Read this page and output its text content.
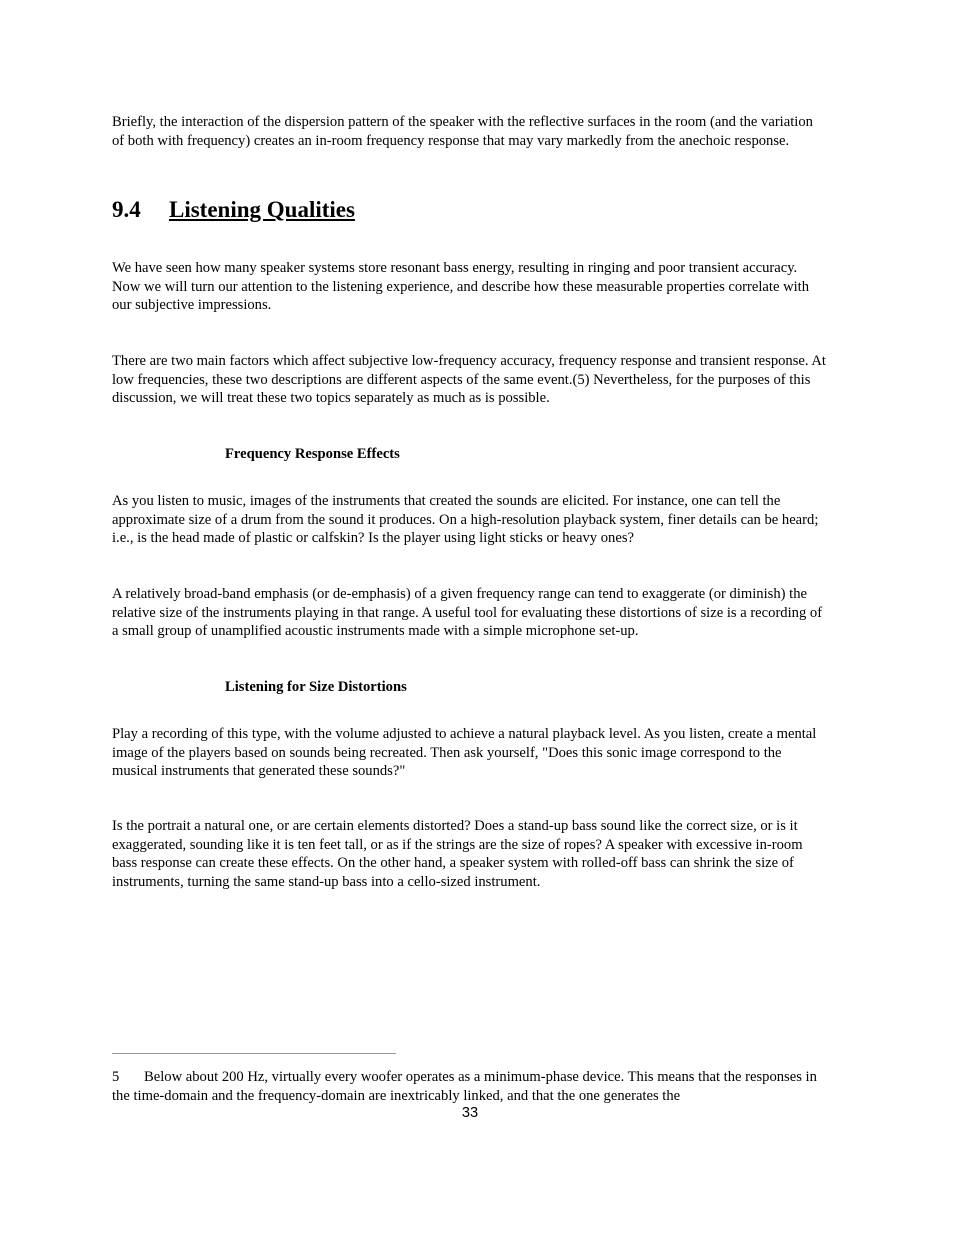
Briefly, the interaction of the dispersion pattern of the speaker with the reflective surfaces in the room (and the variation of both with frequency) creates an in-room frequency response that may vary markedly from the anechoic response.

9.4 Listening Qualities

We have seen how many speaker systems store resonant bass energy, resulting in ringing and poor transient accuracy. Now we will turn our attention to the listening experience, and describe how these measurable properties correlate with our subjective impressions.

There are two main factors which affect subjective low-frequency accuracy, frequency response and transient response. At low frequencies, these two descriptions are different aspects of the same event.(5) Nevertheless, for the purposes of this discussion, we will treat these two topics separately as much as is possible.

Frequency Response Effects

As you listen to music, images of the instruments that created the sounds are elicited. For instance, one can tell the approximate size of a drum from the sound it produces. On a high-resolution playback system, finer details can be heard; i.e., is the head made of plastic or calfskin? Is the player using light sticks or heavy ones?

A relatively broad-band emphasis (or de-emphasis) of a given frequency range can tend to exaggerate (or diminish) the relative size of the instruments playing in that range. A useful tool for evaluating these distortions of size is a recording of a small group of unamplified acoustic instruments made with a simple microphone set-up.

Listening for Size Distortions

Play a recording of this type, with the volume adjusted to achieve a natural playback level. As you listen, create a mental image of the players based on sounds being recreated. Then ask yourself, "Does this sonic image correspond to the musical instruments that generated these sounds?"

Is the portrait a natural one, or are certain elements distorted? Does a stand-up bass sound like the correct size, or is it exaggerated, sounding like it is ten feet tall, or as if the strings are the size of ropes? A speaker with excessive in-room bass response can create these effects. On the other hand, a speaker system with rolled-off bass can shrink the size of instruments, turning the same stand-up bass into a cello-sized instrument.

5 Below about 200 Hz, virtually every woofer operates as a minimum-phase device. This means that the responses in the time-domain and the frequency-domain are inextricably linked, and that the one generates the

33
